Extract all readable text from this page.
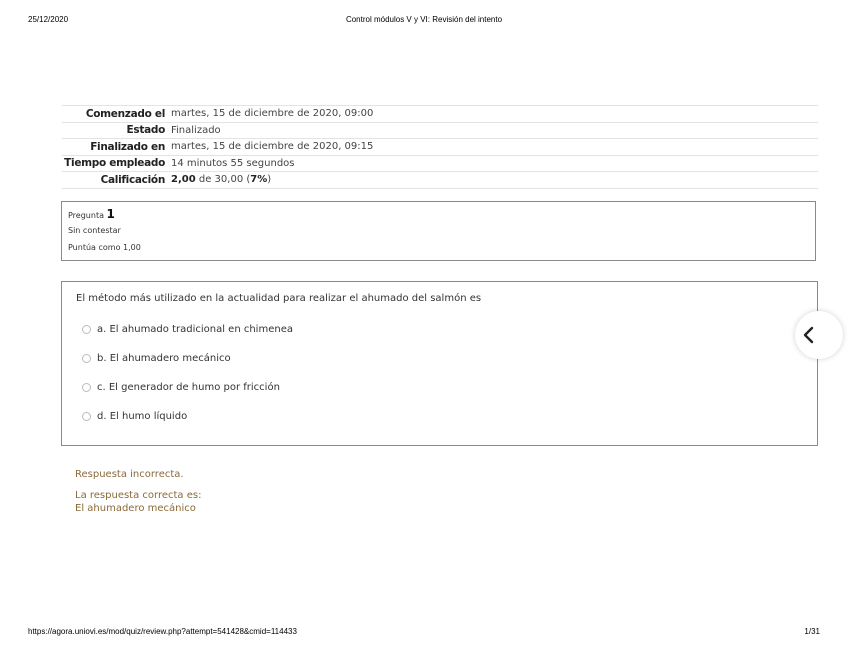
25/12/2020	Control módulos V y VI: Revisión del intento
Comenzado el	martes, 15 de diciembre de 2020, 09:00
Estado	Finalizado
Finalizado en	martes, 15 de diciembre de 2020, 09:15
Tiempo empleado	14 minutos 55 segundos
Calificación	2,00 de 30,00 (7%)
Pregunta 1
Sin contestar
Puntúa como 1,00
El método más utilizado en la actualidad para realizar el ahumado del salmón es
a. El ahumado tradicional en chimenea
b. El ahumadero mecánico
c. El generador de humo por fricción
d. El humo líquido
Respuesta incorrecta.
La respuesta correcta es:
El ahumadero mecánico
https://agora.uniovi.es/mod/quiz/review.php?attempt=541428&cmid=114433	1/31
